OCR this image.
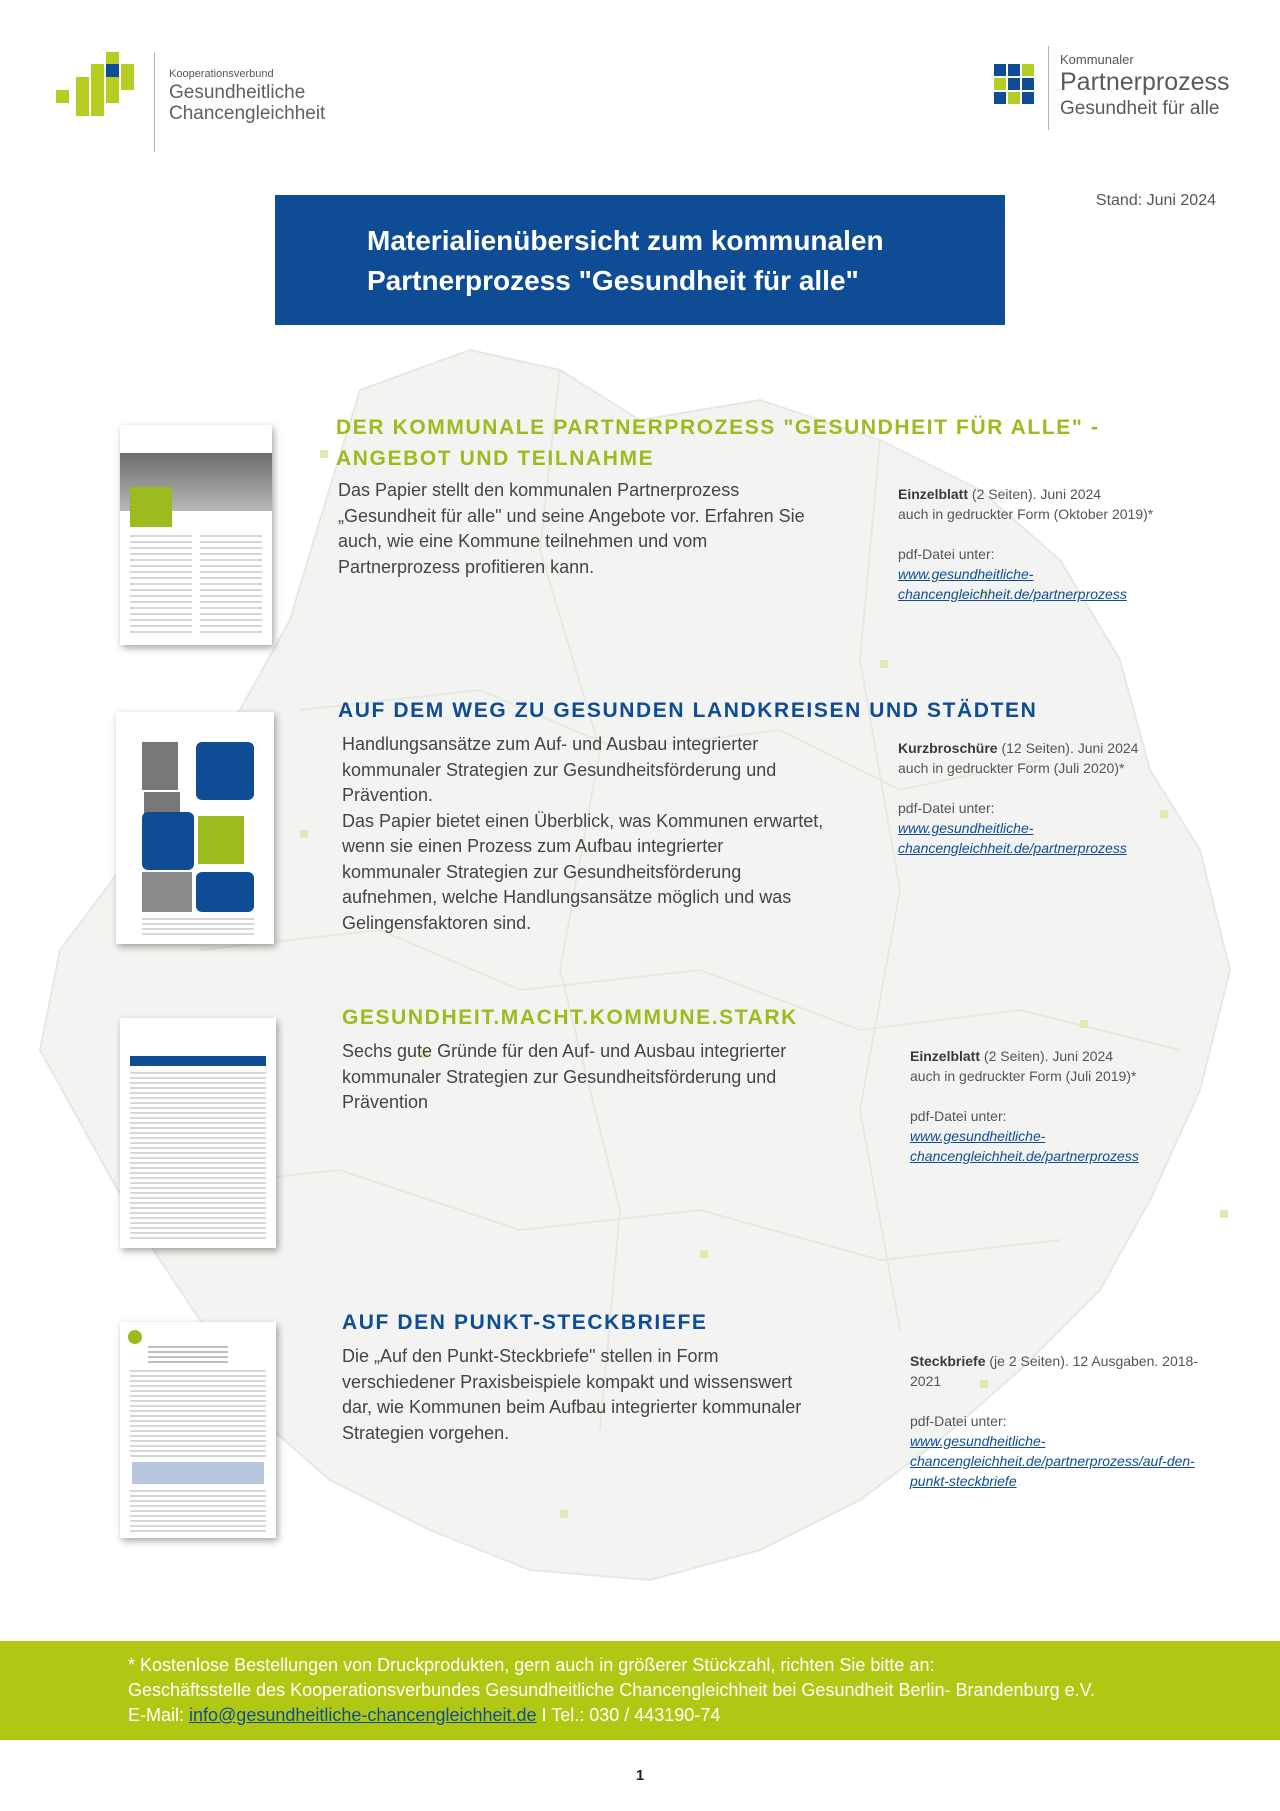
Kooperationsverbund
Gesundheitliche
Chancengleichheit
Kommunaler
Partnerprozess
Gesundheit für alle
Stand: Juni 2024
Materialienübersicht zum kommunalen
Partnerprozess "Gesundheit für alle"
DER KOMMUNALE PARTNERPROZESS "GESUNDHEIT FÜR ALLE" -
ANGEBOT UND TEILNAHME
Das Papier stellt den kommunalen Partnerprozess
„Gesundheit für alle" und seine Angebote vor. Erfahren Sie
auch, wie eine Kommune teilnehmen und vom
Partnerprozess profitieren kann.
Einzelblatt (2 Seiten). Juni 2024
auch in gedruckter Form (Oktober 2019)*
pdf-Datei unter:
www.gesundheitliche-
chancengleichheit.de/partnerprozess
AUF DEM WEG ZU GESUNDEN LANDKREISEN UND STÄDTEN
Handlungsansätze zum Auf- und Ausbau integrierter
kommunaler Strategien zur Gesundheitsförderung und
Prävention.
Das Papier bietet einen Überblick, was Kommunen erwartet,
wenn sie einen Prozess zum Aufbau integrierter
kommunaler Strategien zur Gesundheitsförderung
aufnehmen, welche Handlungsansätze möglich und was
Gelingensfaktoren sind.
Kurzbroschüre (12 Seiten). Juni 2024
auch in gedruckter Form (Juli 2020)*
pdf-Datei unter:
www.gesundheitliche-
chancengleichheit.de/partnerprozess
GESUNDHEIT.MACHT.KOMMUNE.STARK
Sechs gute Gründe für den Auf- und Ausbau integrierter
kommunaler Strategien zur Gesundheitsförderung und
Prävention
Einzelblatt (2 Seiten). Juni 2024
auch in gedruckter Form (Juli 2019)*
pdf-Datei unter:
www.gesundheitliche-
chancengleichheit.de/partnerprozess
AUF DEN PUNKT-STECKBRIEFE
Die „Auf den Punkt-Steckbriefe" stellen in Form
verschiedener Praxisbeispiele kompakt und wissenswert
dar, wie Kommunen beim Aufbau integrierter kommunaler
Strategien vorgehen.
Steckbriefe (je 2 Seiten). 12 Ausgaben. 2018-
2021
pdf-Datei unter:
www.gesundheitliche-
chancengleichheit.de/partnerprozess/auf-den-
punkt-steckbriefe
* Kostenlose Bestellungen von Druckprodukten, gern auch in größerer Stückzahl, richten Sie bitte an:
Geschäftsstelle des Kooperationsverbundes Gesundheitliche Chancengleichheit bei Gesundheit Berlin- Brandenburg e.V.
E-Mail: info@gesundheitliche-chancengleichheit.de I Tel.: 030 / 443190-74
1
